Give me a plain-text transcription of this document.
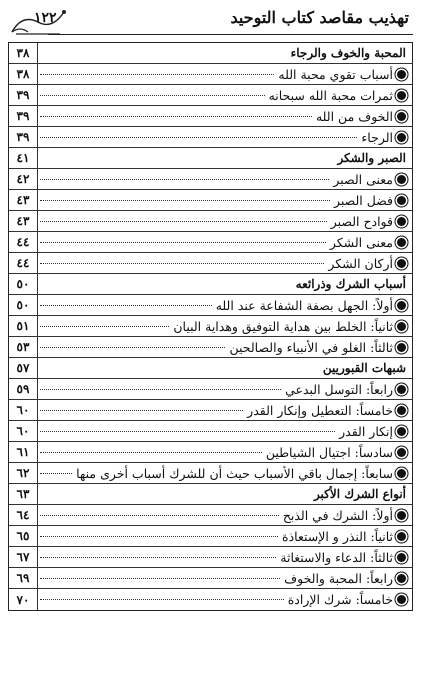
١٢٢	تهذيب مقاصد كتاب التوحيد
المحبة والخوف والرجاء
٣٨
أسباب تقوي محبة الله
٣٨
ثمرات محبة الله سبحانه
٣٩
الخوف من الله
٣٩
الرجاء
٣٩
الصبر والشكر
٤١
معنى الصبر
٤٢
فضل الصبر
٤٣
قوادح الصبر
٤٣
معنى الشكر
٤٤
أركان الشكر
٤٤
أسباب الشرك وذرائعه
٥٠
أولاً: الجهل بصفة الشفاعة عند الله
٥٠
ثانياً: الخلط بين هداية التوفيق وهداية البيان
٥١
ثالثاً: الغلو في الأنبياء والصالحين
٥٣
شبهات القبوريين
٥٧
رابعاً: التوسل البدعي
٥٩
خامساً: التعطيل وإنكار القدر
٦٠
إنكار القدر
٦٠
سادساً: اجتيال الشياطين
٦١
سابعاً: إجمال باقي الأسباب حيث أن للشرك أسباب أخرى منها
٦٢
أنواع الشرك الأكبر
٦٣
أولاً: الشرك في الذبح
٦٤
ثانياً: النذر و الإستعاذة
٦٥
ثالثاً: الدعاء والاستغاثة
٦٧
رابعاً: المحبة والخوف
٦٩
خامساً: شرك الإرادة
٧٠
